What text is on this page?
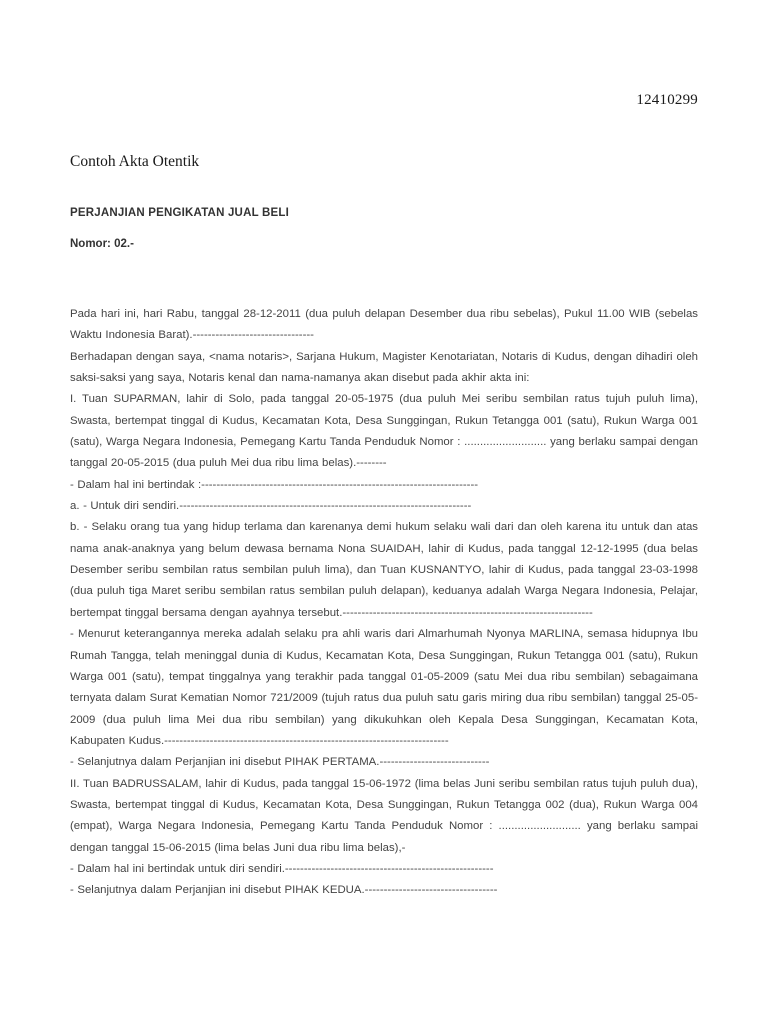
12410299
Contoh Akta Otentik
PERJANJIAN PENGIKATAN JUAL BELI
Nomor: 02.-

Pada hari ini, hari Rabu, tanggal 28-12-2011 (dua puluh delapan Desember dua ribu sebelas), Pukul 11.00 WIB (sebelas Waktu Indonesia Barat).--------------------------------

Berhadapan dengan saya, <nama notaris>, Sarjana Hukum, Magister Kenotariatan, Notaris di Kudus, dengan dihadiri oleh saksi-saksi yang saya, Notaris kenal dan nama-namanya akan disebut pada akhir akta ini:

I. Tuan SUPARMAN, lahir di Solo, pada tanggal 20-05-1975 (dua puluh Mei seribu sembilan ratus tujuh puluh lima), Swasta, bertempat tinggal di Kudus, Kecamatan Kota, Desa Sunggingan, Rukun Tetangga 001 (satu), Rukun Warga 001 (satu), Warga Negara Indonesia, Pemegang Kartu Tanda Penduduk Nomor : .......................... yang berlaku sampai dengan tanggal 20-05-2015 (dua puluh Mei dua ribu lima belas).--------

- Dalam hal ini bertindak :-------------------------------------------------------------------------

a. - Untuk diri sendiri.-----------------------------------------------------------------------------

b. - Selaku orang tua yang hidup terlama dan karenanya demi hukum selaku wali dari dan oleh karena itu untuk dan atas nama anak-anaknya yang belum dewasa bernama Nona SUAIDAH, lahir di Kudus, pada tanggal 12-12-1995 (dua belas Desember seribu sembilan ratus sembilan puluh lima), dan Tuan KUSNANTYO, lahir di Kudus, pada tanggal 23-03-1998 (dua puluh tiga Maret seribu sembilan ratus sembilan puluh delapan), keduanya adalah Warga Negara Indonesia, Pelajar, bertempat tinggal bersama dengan ayahnya tersebut.------------------------------------------------------------------

- Menurut keterangannya mereka adalah selaku pra ahli waris dari Almarhumah Nyonya MARLINA, semasa hidupnya Ibu Rumah Tangga, telah meninggal dunia di Kudus, Kecamatan Kota, Desa Sunggingan, Rukun Tetangga 001 (satu), Rukun Warga 001 (satu), tempat tinggalnya yang terakhir pada tanggal 01-05-2009 (satu Mei dua ribu sembilan) sebagaimana ternyata dalam Surat Kematian Nomor 721/2009 (tujuh ratus dua puluh satu garis miring dua ribu sembilan) tanggal 25-05-2009 (dua puluh lima Mei dua ribu sembilan) yang dikukuhkan oleh Kepala Desa Sunggingan, Kecamatan Kota, Kabupaten Kudus.---------------------------------------------------------------------------

- Selanjutnya dalam Perjanjian ini disebut PIHAK PERTAMA.-----------------------------

II. Tuan BADRUSSALAM, lahir di Kudus, pada tanggal 15-06-1972 (lima belas Juni seribu sembilan ratus tujuh puluh dua), Swasta, bertempat tinggal di Kudus, Kecamatan Kota, Desa Sunggingan, Rukun Tetangga 002 (dua), Rukun Warga 004 (empat), Warga Negara Indonesia, Pemegang Kartu Tanda Penduduk Nomor : .......................... yang berlaku sampai dengan tanggal 15-06-2015 (lima belas Juni dua ribu lima belas),-

- Dalam hal ini bertindak untuk diri sendiri.-------------------------------------------------------

- Selanjutnya dalam Perjanjian ini disebut PIHAK KEDUA.-----------------------------------
